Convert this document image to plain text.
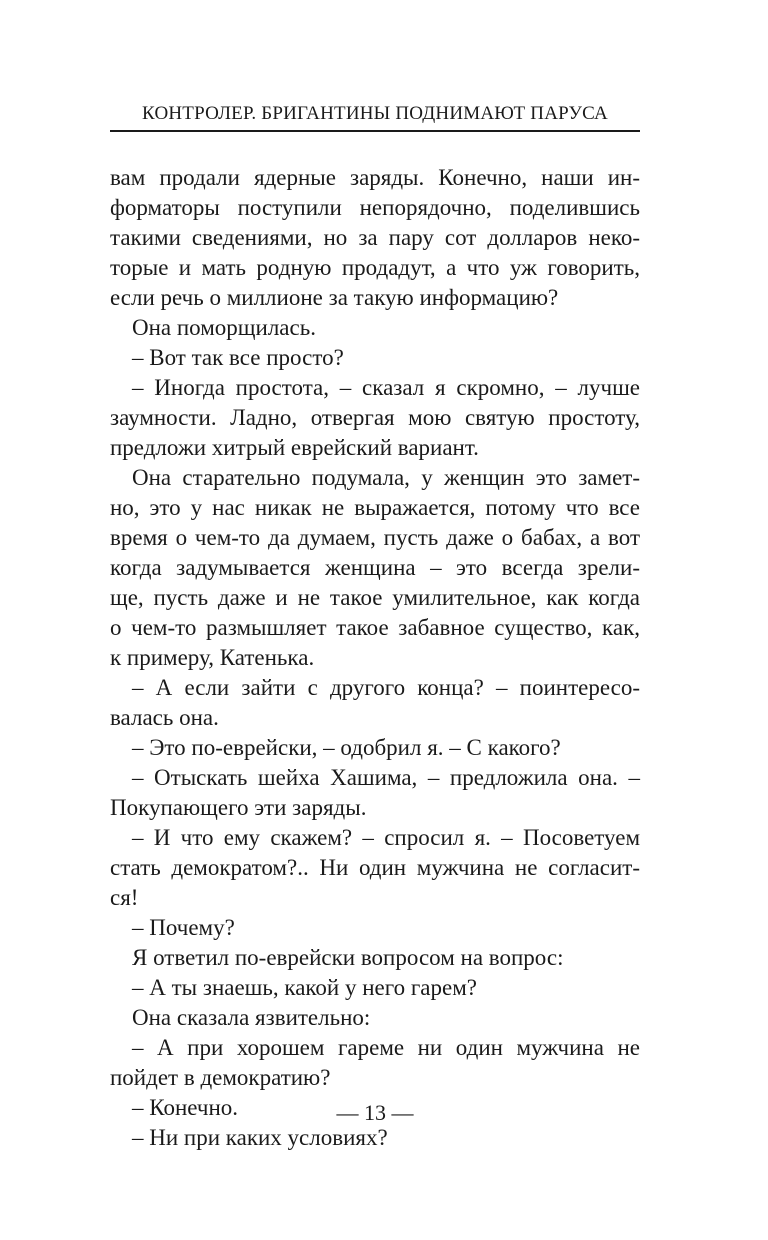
КОНТРОЛЕР. БРИГАНТИНЫ ПОДНИМАЮТ ПАРУСА
вам продали ядерные заряды. Конечно, наши ин-
форматоры поступили непорядочно, поделившись
такими сведениями, но за пару сот долларов неко-
торые и мать родную продадут, а что уж говорить,
если речь о миллионе за такую информацию?
Она поморщилась.
– Вот так все просто?
– Иногда простота, – сказал я скромно, – лучше
заумности. Ладно, отвергая мою святую простоту,
предложи хитрый еврейский вариант.
Она старательно подумала, у женщин это замет-
но, это у нас никак не выражается, потому что все
время о чем-то да думаем, пусть даже о бабах, а вот
когда задумывается женщина – это всегда зрели-
ще, пусть даже и не такое умилительное, как когда
о чем-то размышляет такое забавное существо, как,
к примеру, Катенька.
– А если зайти с другого конца? – поинтересо-
валась она.
– Это по-еврейски, – одобрил я. – С какого?
– Отыскать шейха Хашима, – предложила она. –
Покупающего эти заряды.
– И что ему скажем? – спросил я. – Посоветуем
стать демократом?.. Ни один мужчина не согласит-
ся!
– Почему?
Я ответил по-еврейски вопросом на вопрос:
– А ты знаешь, какой у него гарем?
Она сказала язвительно:
– А при хорошем гареме ни один мужчина не
пойдет в демократию?
– Конечно.
– Ни при каких условиях?
— 13 —
